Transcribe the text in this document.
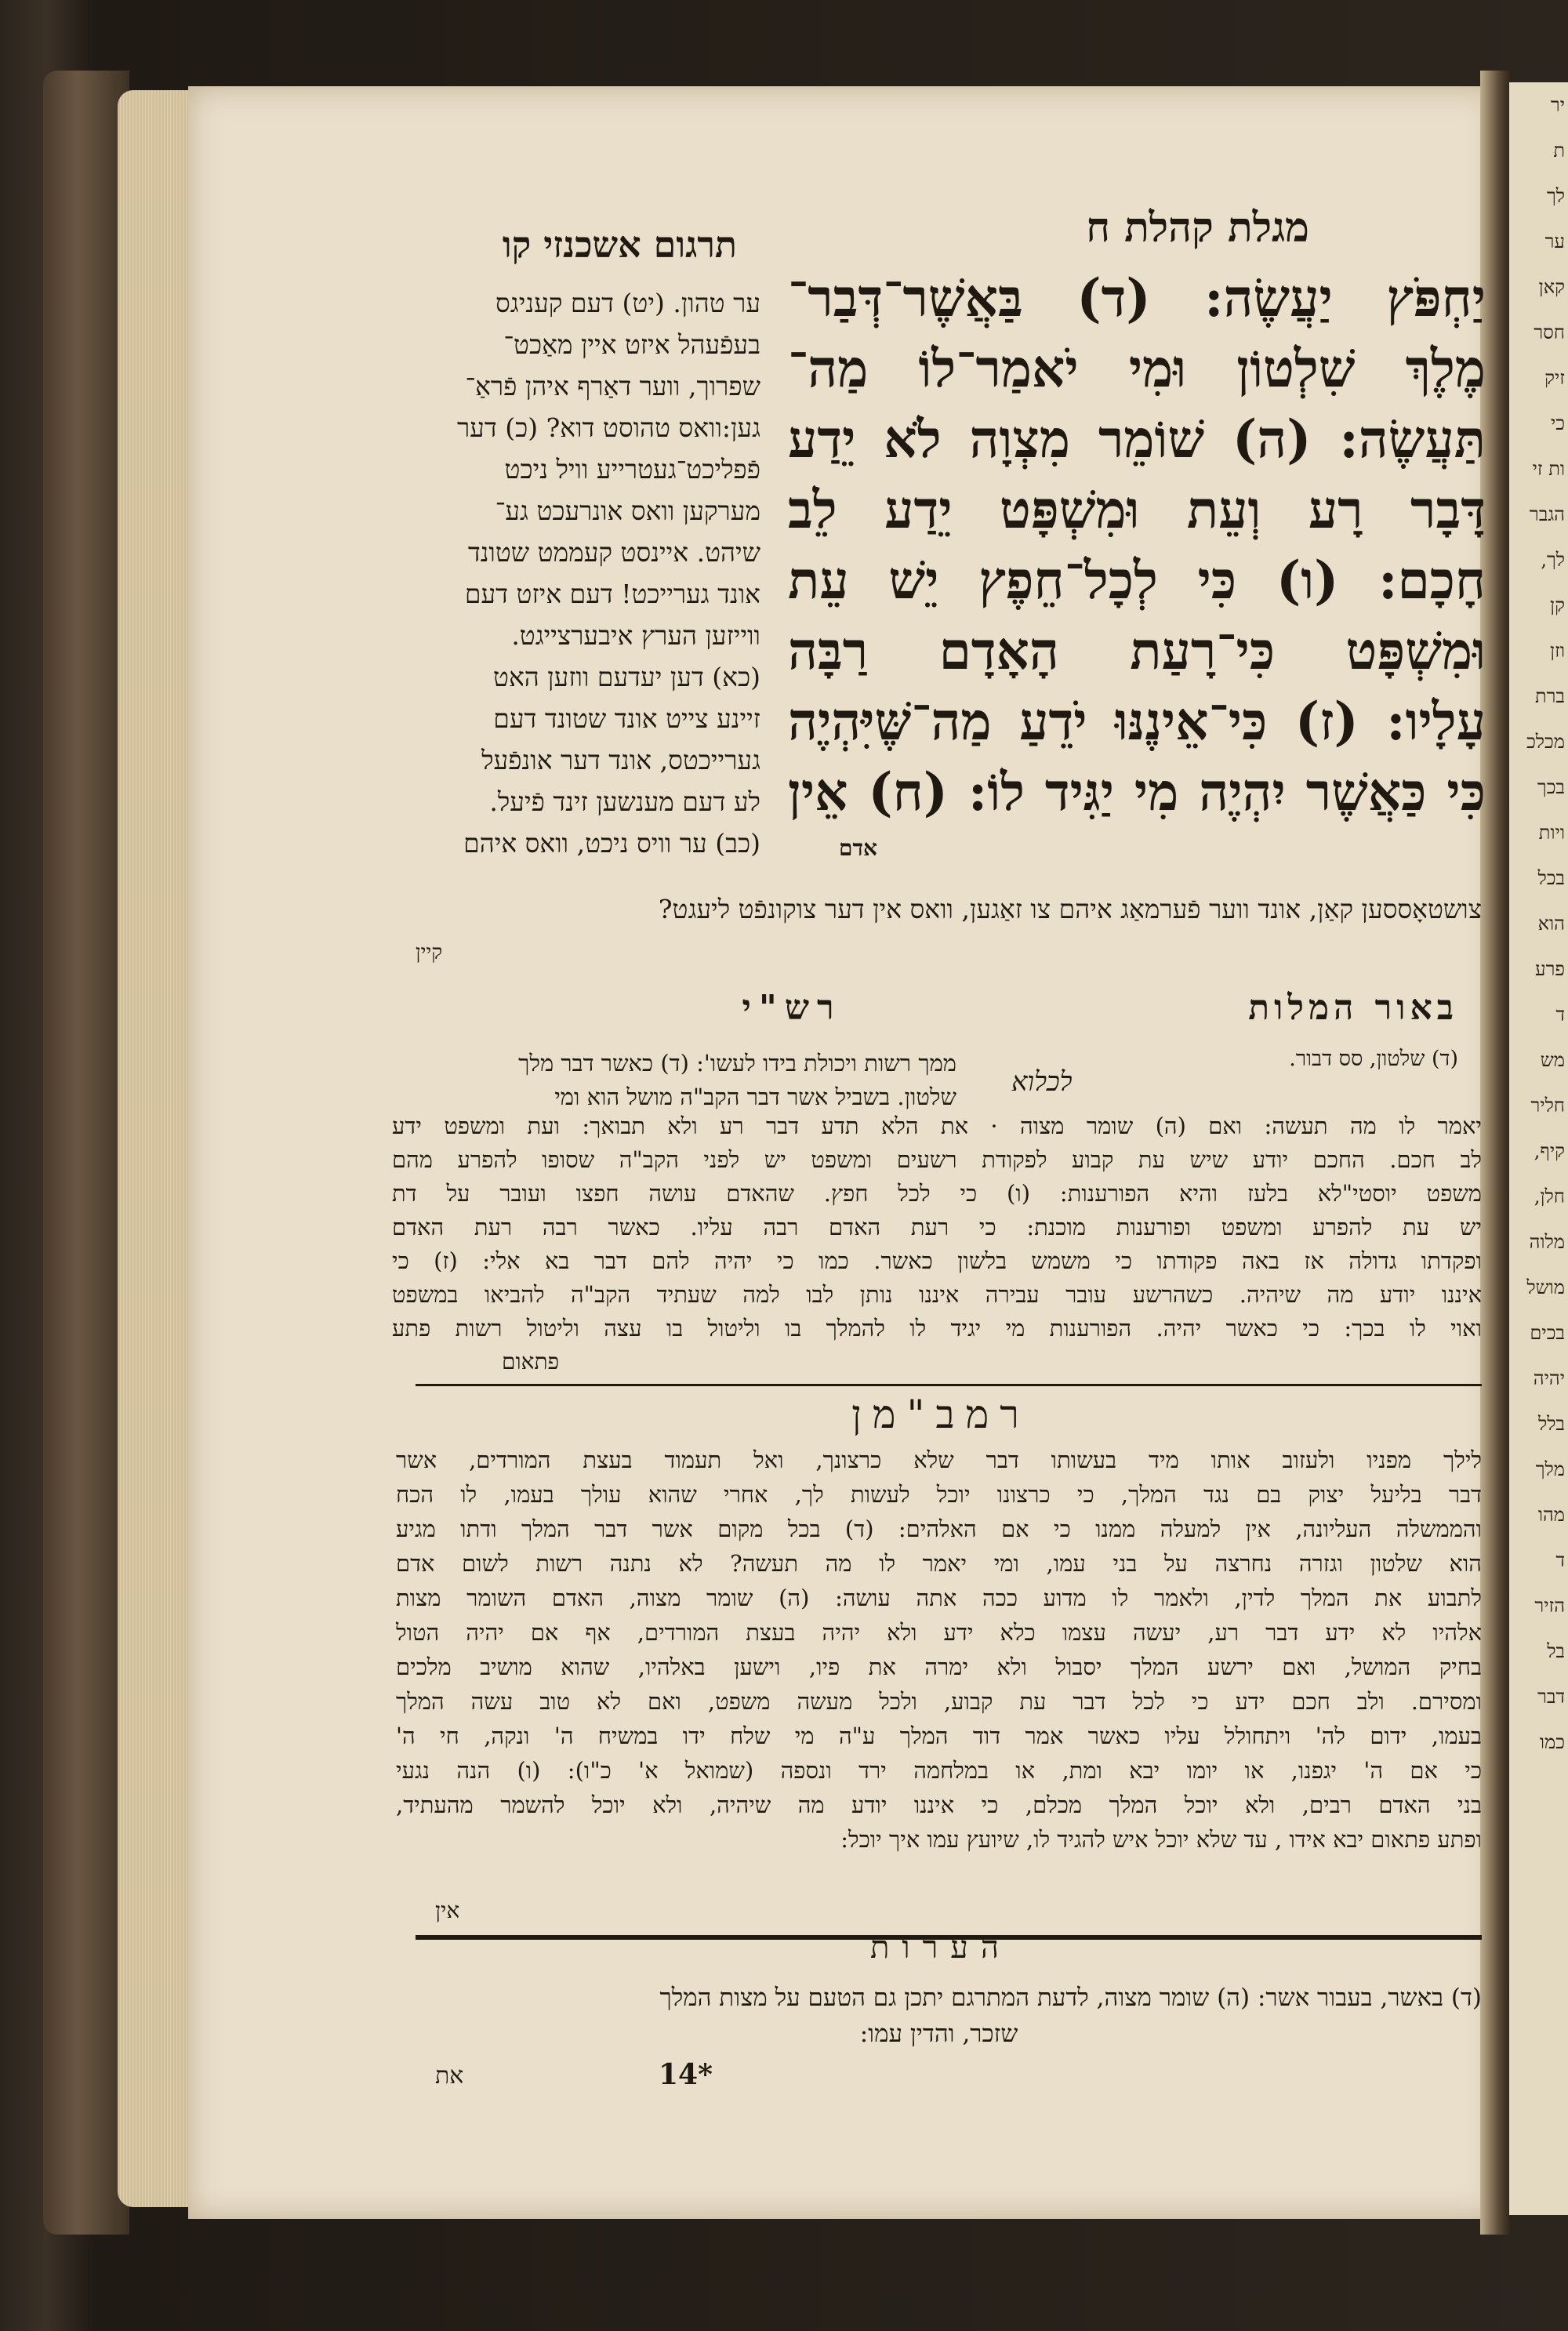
יר
ת
לך
ער
קאן
חסר
זיק
כי
ות זי
הגבר
לך,
קן
וזן
ברת
מכלכ
בכך
ויות
בכל
הוא
פרע
ד
מש
חליר
קיף,
חלן,
מלוה
מושל
בכים
יהיה
בלל
מלך
מהו
ד
הזיר
בל
דבר
כמו
מגלת קהלת ח
תרגום אשכנזי קו

יַחְפֹּץ יַעֲשֶׂה: (ד) בַּאֲשֶׁר־דְּבַר־

מֶלֶךְ שִׁלְטוֹן וּמִי יֹאמַר־לוֹ מַה־

תַּעֲשֶׂה: (ה) שׁוֹמֵר מִצְוָה לֹא יֵדַע

דָּבָר רָע וְעֵת וּמִשְׁפָּט יֵדַע לֵב

חָכָם: (ו) כִּי לְכָל־חֵפֶץ יֵשׁ עֵת

וּמִשְׁפָּט כִּי־רָעַת הָאָדָם רַבָּה

עָלָיו: (ז) כִּי־אֵינֶנּוּ יֹדֵעַ מַה־שֶּׁיִּהְיֶה

כִּי כַּאֲשֶׁר יִהְיֶה מִי יַגִּיד לוֹ: (ח) אֵין

אדם

ער טהון. (יט) דעם קעניגס

בעפֿעהל איזט איין מאַכט־

שפרוך, ווער דאַרף איהן פֿראַ־

גען:וואס טהוסט דוא? (כ) דער

פֿפליכט־געטרייע וויל ניכט

מערקען וואס אונרעכט גע־

שיהט. איינסט קעממט שטונד

אונד גערייכט! דעם איזט דעם

ווייזען הערץ איבערצייגט.

(כא) דען יעדעם ווזען האט

זיינע צייט אונד שטונד דעם

גערייכטס, אונד דער אונפֿעל

לע דעם מענשען זינד פֿיעל.

(כב) ער וויס ניכט, וואס איהם

צושטאָססען קאַן, אונד ווער פֿערמאַג איהם צו זאַגען, וואס אין דער צוקונפֿט ליעגט?
קיין
באור המלות
(ד) שלטון, סס דבור.
לכלוא
רש"י

ממך רשות ויכולת בידו לעשו': (ד) כאשר דבר מלך

שלטון. בשביל אשר דבר הקב"ה מושל הוא ומי

יאמר לו מה תעשה: ואם (ה) שומר מצוה · את הלא תדע דבר רע ולא תבואך: ועת ומשפט ידע

לב חכם. החכם יודע שיש עת קבוע לפקודת רשעים ומשפט יש לפני הקב"ה שסופו להפרע מהם

משפט יוסטי"לא בלעז והיא הפורענות: (ו) כי לכל חפץ. שהאדם עושה חפצו ועובר על דת

יש עת להפרע ומשפט ופורענות מוכנת: כי רעת האדם רבה עליו. כאשר רבה רעת האדם

ופקדתו גדולה אז באה פקודתו כי משמש בלשון כאשר. כמו כי יהיה להם דבר בא אלי: (ז) כי

איננו יודע מה שיהיה. כשהרשע עובר עבירה איננו נותן לבו למה שעתיד הקב"ה להביאו במשפט

ואוי לו בכך: כי כאשר יהיה. הפורענות מי יגיד לו להמלך בו וליטול בו עצה וליטול רשות פתע

פתאום
רמב"מן

לילך מפניו ולעזוב אותו מיד בעשותו דבר שלא כרצונך, ואל תעמוד בעצת המורדים, אשר

דבר בליעל יצוק בם נגד המלך, כי כרצונו יוכל לעשות לך, אחרי שהוא עולך בעמו, לו הכח

והממשלה העליונה, אין למעלה ממנו כי אם האלהים: (ד) בכל מקום אשר דבר המלך ודתו מגיע

הוא שלטון וגזרה נחרצה על בני עמו, ומי יאמר לו מה תעשה? לא נתנה רשות לשום אדם

לתבוע את המלך לדין, ולאמר לו מדוע ככה אתה עושה: (ה) שומר מצוה, האדם השומר מצות

אלהיו לא ידע דבר רע, יעשה עצמו כלא ידע ולא יהיה בעצת המורדים, אף אם יהיה הטול

בחיק המושל, ואם ירשע המלך יסבול ולא ימרה את פיו, וישען באלהיו, שהוא מושיב מלכים

ומסירם. ולב חכם ידע כי לכל דבר עת קבוע, ולכל מעשה משפט, ואם לא טוב עשה המלך

בעמו, ידום לה' ויתחולל עליו כאשר אמר דוד המלך ע"ה מי שלח ידו במשיח ה' ונקה, חי ה'

כי אם ה' יגפנו, או יומו יבא ומת, או במלחמה ירד ונספה (שמואל א' כ"ו): (ו) הנה נגעי

בני האדם רבים, ולא יוכל המלך מכלם, כי איננו יודע מה שיהיה, ולא יוכל להשמר מהעתיד,

ופתע פתאום יבא אידו , עד שלא יוכל איש להגיד לו, שיועץ עמו איך יוכל:

אין
הערות

(ד) באשר, בעבור אשר: (ה) שומר מצוה, לדעת המתרגם יתכן גם הטעם על מצות המלך

שזכר, והדין עמו:

14*
את
